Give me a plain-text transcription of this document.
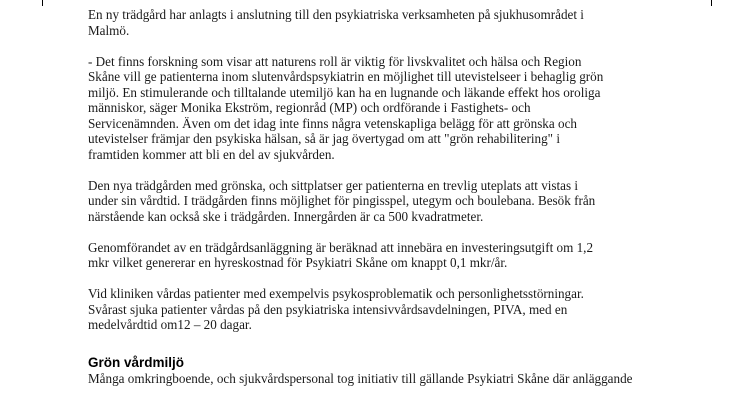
En ny trädgård har anlagts i anslutning till den psykiatriska verksamheten på sjukhusområdet i
Malmö.

- Det finns forskning som visar att naturens roll är viktig för livskvalitet och hälsa och Region
Skåne vill ge patienterna inom slutenvårdspsykiatrin en möjlighet till utevistelseer i behaglig grön
miljö. En stimulerande och tilltalande utemiljö kan ha en lugnande och läkande effekt hos oroliga
människor, säger Monika Ekström, regionråd (MP) och ordförande i Fastighets- och
Servicenämnden. Även om det idag inte finns några vetenskapliga belägg för att grönska och
utevistelser främjar den psykiska hälsan, så är jag övertygad om att "grön rehabilitering" i
framtiden kommer att bli en del av sjukvården.

Den nya trädgården med grönska, och sittplatser ger patienterna en trevlig uteplats att vistas i
under sin vårdtid. I trädgården finns möjlighet för pingisspel, utegym och boulebana. Besök från
närstående kan också ske i trädgården. Innergården är ca 500 kvadratmeter.

Genomförandet av en trädgårdsanläggning är beräknad att innebära en investeringsutgift om 1,2
mkr vilket genererar en hyreskostnad för Psykiatri Skåne om knappt 0,1 mkr/år.

Vid kliniken vårdas patienter med exempelvis psykosproblematik och personlighetsstörningar.
Svårast sjuka patienter vårdas på den psykiatriska intensivvårdsavdelningen, PIVA, med en
medelvårdtid om12 – 20 dagar.

Grön vårdmiljö

Många omkringboende, och sjukvårdspersonal tog initiativ till gällande Psykiatri Skåne där anläggande
